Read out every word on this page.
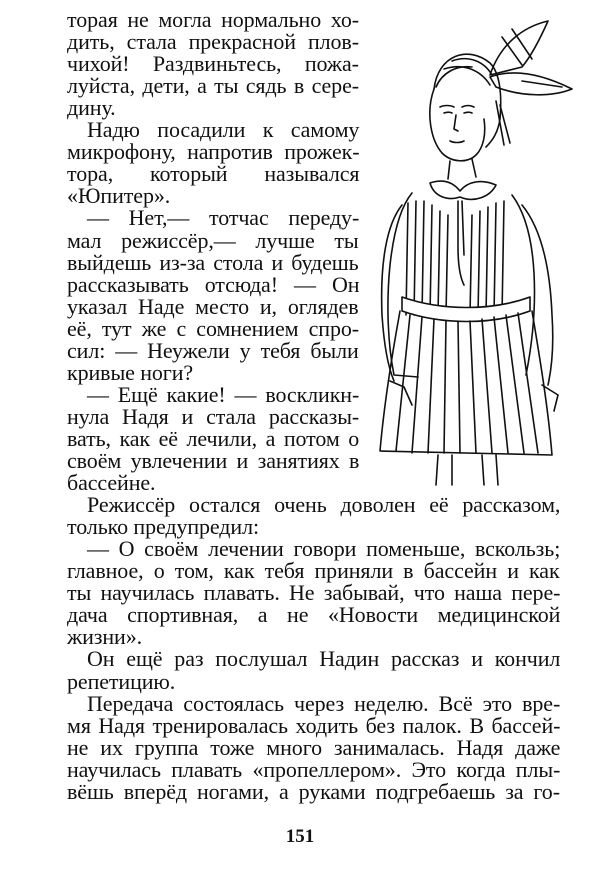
торая не могла нормально хо-
дить, стала прекрасной плов-
чихой! Раздвиньтесь, пожа-
луйста, дети, а ты сядь в сере-
дину.
Надю посадили к самому
микрофону, напротив прожек-
тора, который назывался
«Юпитер».
— Нет,— тотчас переду-
мал режиссёр,— лучше ты
выйдешь из-за стола и будешь
рассказывать отсюда! — Он
указал Наде место и, оглядев
её, тут же с сомнением спро-
сил: — Неужели у тебя были
кривые ноги?
— Ещё какие! — воскликн-
нула Надя и стала рассказы-
вать, как её лечили, а потом о
своём увлечении и занятиях в
бассейне.
Режиссёр остался очень доволен её рассказом,
только предупредил:
— О своём лечении говори поменьше, вскользь;
главное, о том, как тебя приняли в бассейн и как
ты научилась плавать. Не забывай, что наша пере-
дача спортивная, а не «Новости медицинской
жизни».
Он ещё раз послушал Надин рассказ и кончил
репетицию.
Передача состоялась через неделю. Всё это вре-
мя Надя тренировалась ходить без палок. В бассей-
не их группа тоже много занималась. Надя даже
научилась плавать «пропеллером». Это когда плы-
вёшь вперёд ногами, а руками подгребаешь за го-
151
